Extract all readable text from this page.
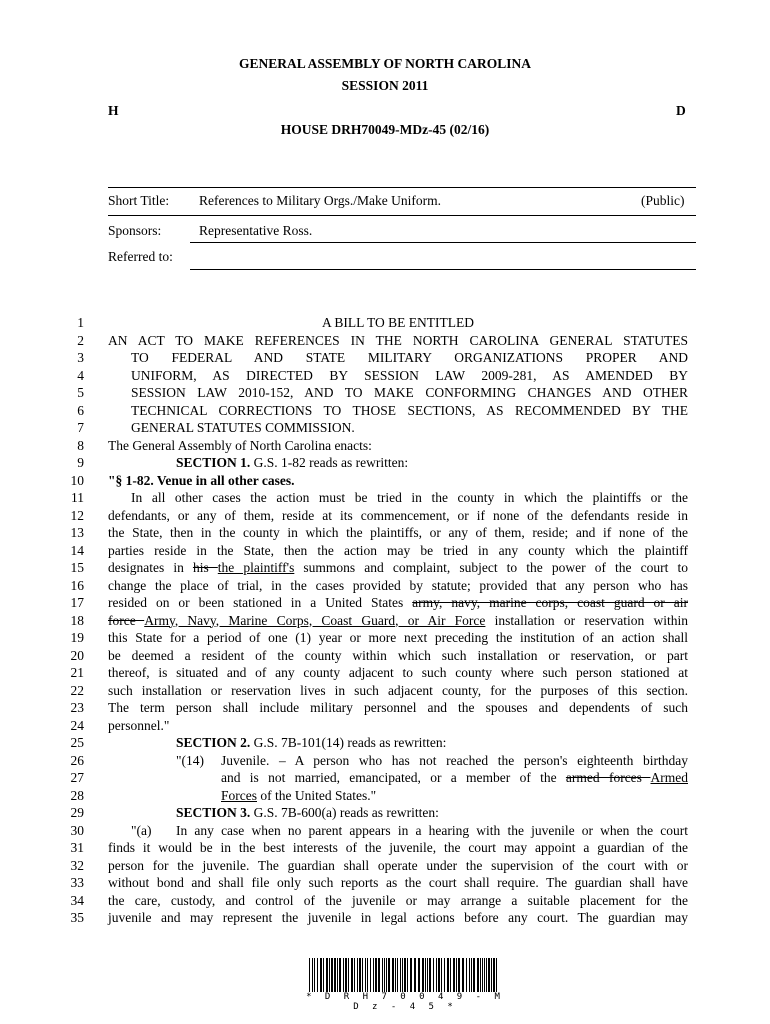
GENERAL ASSEMBLY OF NORTH CAROLINA
SESSION 2011
H	D
HOUSE DRH70049-MDz-45 (02/16)
Short Title: References to Military Orgs./Make Uniform.	(Public)
Sponsors:	Representative Ross.
Referred to:
1
2
3
4
5
6
7
8
9
10
11
12
13
14
15
16
17
18
19
20
21
22
23
24
25
26
27
28
29
30
31
32
33
34
35
A BILL TO BE ENTITLED
AN ACT TO MAKE REFERENCES IN THE NORTH CAROLINA GENERAL STATUTES
TO FEDERAL AND STATE MILITARY ORGANIZATIONS PROPER AND
UNIFORM, AS DIRECTED BY SESSION LAW 2009-281, AS AMENDED BY
SESSION LAW 2010-152, AND TO MAKE CONFORMING CHANGES AND OTHER
TECHNICAL CORRECTIONS TO THOSE SECTIONS, AS RECOMMENDED BY THE
GENERAL STATUTES COMMISSION.
The General Assembly of North Carolina enacts:
SECTION 1. G.S. 1-82 reads as rewritten:
"§ 1-82. Venue in all other cases.
In all other cases the action must be tried in the county in which the plaintiffs or the
defendants, or any of them, reside at its commencement, or if none of the defendants reside in
the State, then in the county in which the plaintiffs, or any of them, reside; and if none of the
parties reside in the State, then the action may be tried in any county which the plaintiff
designates in his the plaintiff's summons and complaint, subject to the power of the court to
change the place of trial, in the cases provided by statute; provided that any person who has
resided on or been stationed in a United States army, navy, marine corps, coast guard or air
force Army, Navy, Marine Corps, Coast Guard, or Air Force installation or reservation within
this State for a period of one (1) year or more next preceding the institution of an action shall
be deemed a resident of the county within which such installation or reservation, or part
thereof, is situated and of any county adjacent to such county where such person stationed at
such installation or reservation lives in such adjacent county, for the purposes of this section.
The term person shall include military personnel and the spouses and dependents of such
personnel."
SECTION 2. G.S. 7B-101(14) reads as rewritten:
"(14)	Juvenile. – A person who has not reached the person's eighteenth birthday
and is not married, emancipated, or a member of the armed forces Armed
Forces of the United States."
SECTION 3. G.S. 7B-600(a) reads as rewritten:
"(a)	In any case when no parent appears in a hearing with the juvenile or when the court
finds it would be in the best interests of the juvenile, the court may appoint a guardian of the
person for the juvenile. The guardian shall operate under the supervision of the court with or
without bond and shall file only such reports as the court shall require. The guardian shall have
the care, custody, and control of the juvenile or may arrange a suitable placement for the
juvenile and may represent the juvenile in legal actions before any court. The guardian may
* D R H 7 0 0 4 9 - M D z - 4 5 *
